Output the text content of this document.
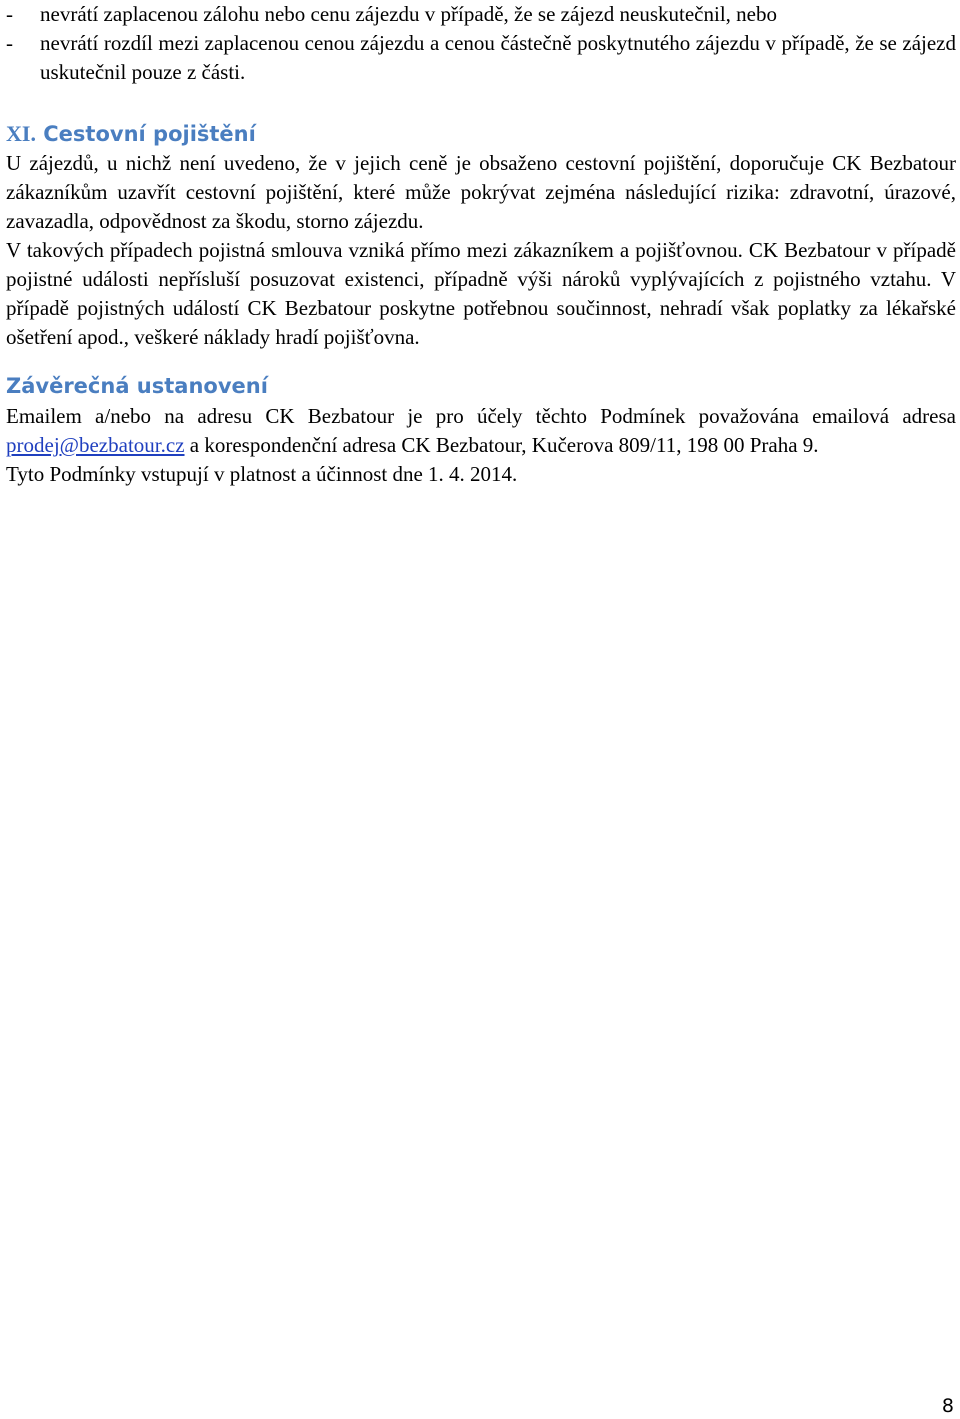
- nevrátí zaplacenou zálohu nebo cenu zájezdu v případě, že se zájezd neuskutečnil, nebo
- nevrátí rozdíl mezi zaplacenou cenou zájezdu a cenou částečně poskytnutého zájezdu v případě, že se zájezd uskutečnil pouze z části.
XI. Cestovní pojištění

U zájezdů, u nichž není uvedeno, že v jejich ceně je obsaženo cestovní pojištění, doporučuje CK Bezbatour zákazníkům uzavřít cestovní pojištění, které může pokrývat zejména následující rizika: zdravotní, úrazové, zavazadla, odpovědnost za škodu, storno zájezdu.

V takových případech pojistná smlouva vzniká přímo mezi zákazníkem a pojišťovnou. CK Bezbatour v případě pojistné události nepřísluší posuzovat existenci, případně výši nároků vyplývajících z pojistného vztahu. V případě pojistných událostí CK Bezbatour poskytne potřebnou součinnost, nehradí však poplatky za lékařské ošetření apod., veškeré náklady hradí pojišťovna.

Závěrečná ustanovení

Emailem a/nebo na adresu CK Bezbatour je pro účely těchto Podmínek považována emailová adresa prodej@bezbatour.cz a korespondenční adresa CK Bezbatour, Kučerova 809/11, 198 00 Praha 9.

Tyto Podmínky vstupují v platnost a účinnost dne 1. 4. 2014.

8
